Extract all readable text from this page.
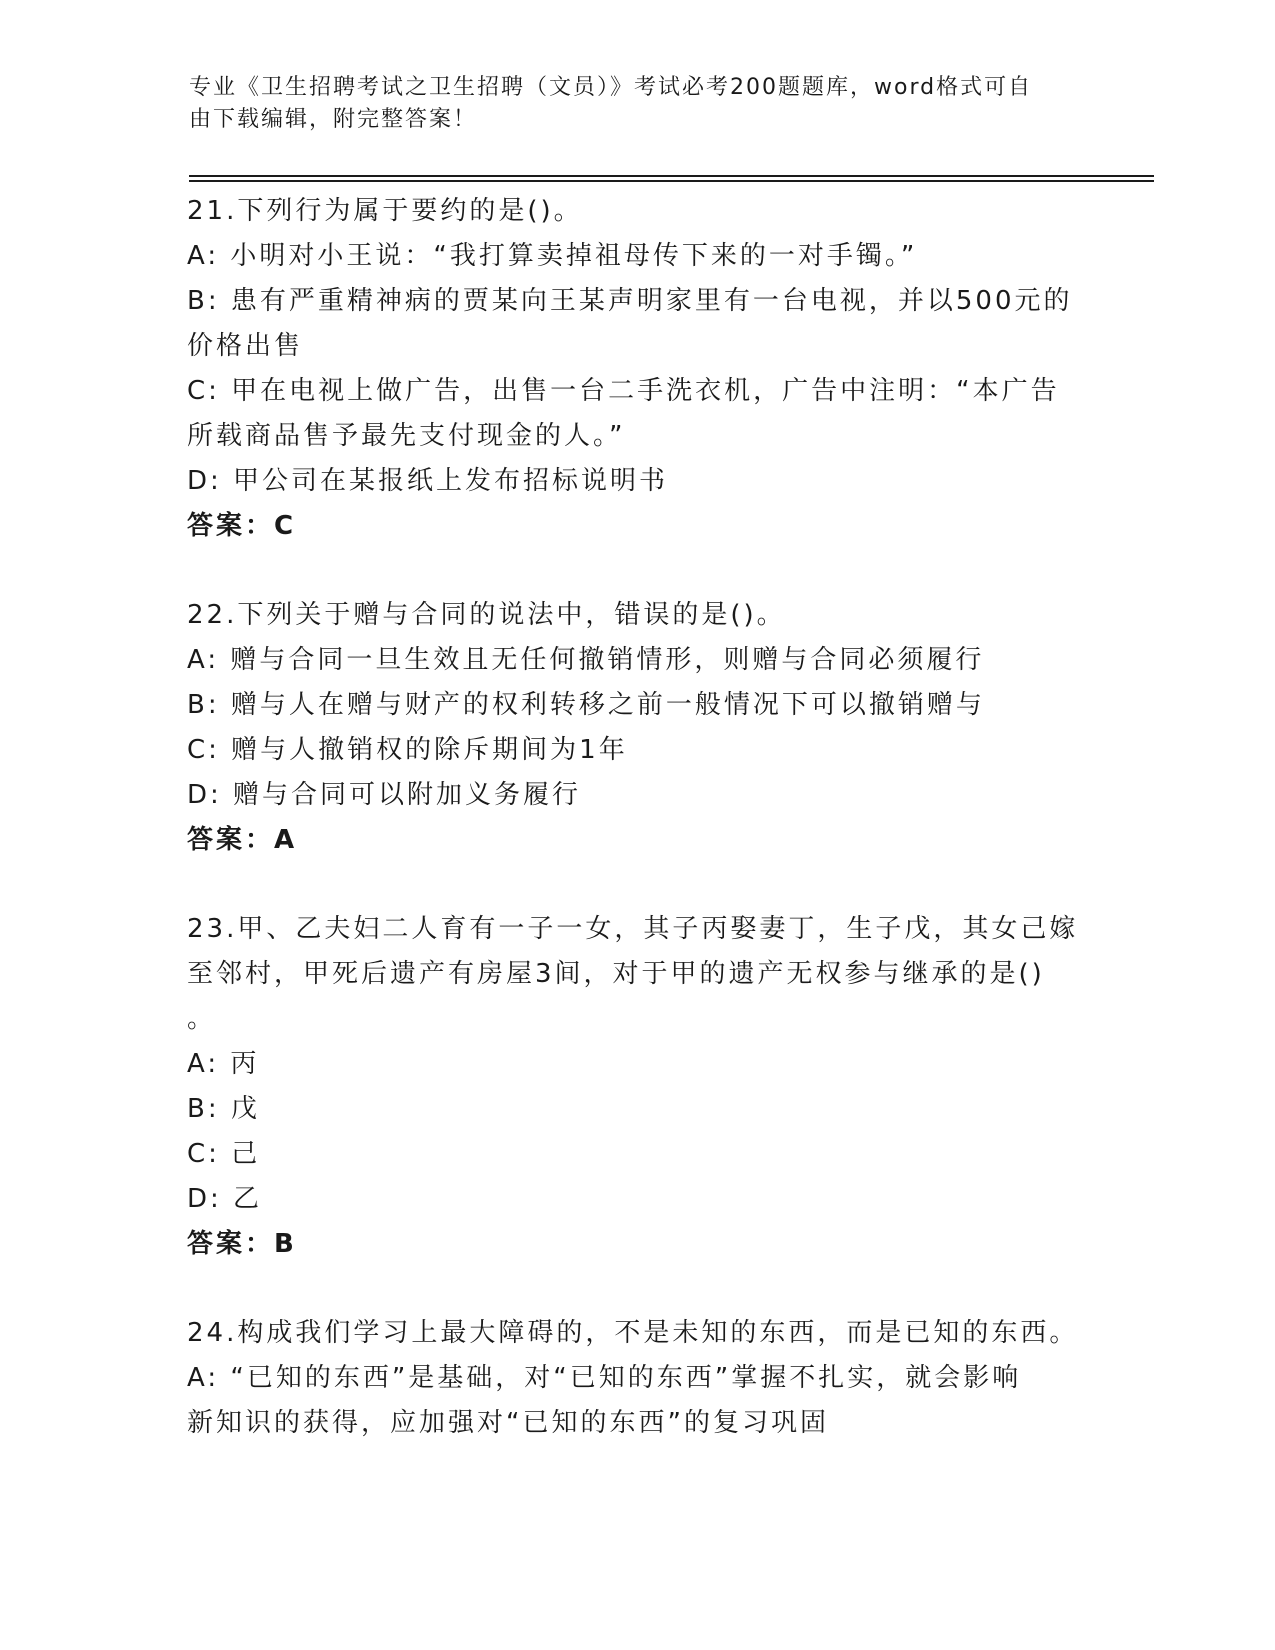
专业《卫生招聘考试之卫生招聘（文员）》考试必考200题题库，word格式可自
由下载编辑，附完整答案！
21.下列行为属于要约的是()。
A: 小明对小王说：“我打算卖掉祖母传下来的一对手镯。”
B: 患有严重精神病的贾某向王某声明家里有一台电视，并以500元的
价格出售
C: 甲在电视上做广告，出售一台二手洗衣机，广告中注明：“本广告
所载商品售予最先支付现金的人。”
D: 甲公司在某报纸上发布招标说明书
答案：C
22.下列关于赠与合同的说法中，错误的是()。
A: 赠与合同一旦生效且无任何撤销情形，则赠与合同必须履行
B: 赠与人在赠与财产的权利转移之前一般情况下可以撤销赠与
C: 赠与人撤销权的除斥期间为1年
D: 赠与合同可以附加义务履行
答案：A
23.甲、乙夫妇二人育有一子一女，其子丙娶妻丁，生子戊，其女己嫁
至邻村，甲死后遗产有房屋3间，对于甲的遗产无权参与继承的是()
。
A: 丙
B: 戊
C: 己
D: 乙
答案：B
24.构成我们学习上最大障碍的，不是未知的东西，而是已知的东西。
A: “已知的东西”是基础，对“已知的东西”掌握不扎实，就会影响
新知识的获得，应加强对“已知的东西”的复习巩固
